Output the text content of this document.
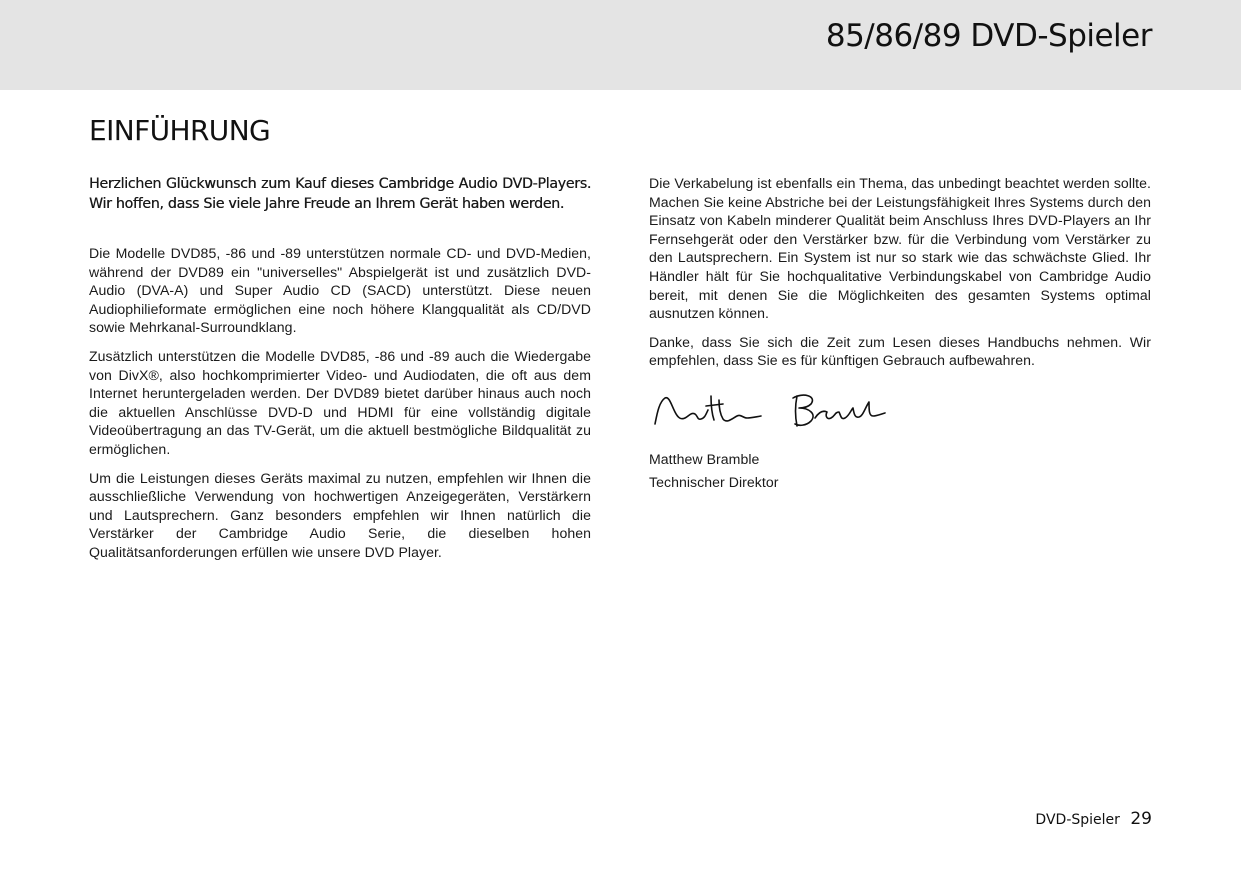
85/86/89 DVD-Spieler
EINFÜHRUNG

Herzlichen Glückwunsch zum Kauf dieses Cambridge Audio DVD-Players. Wir hoffen, dass Sie viele Jahre Freude an Ihrem Gerät haben werden.

Die Modelle DVD85, -86 und -89 unterstützen normale CD- und DVD-Medien, während der DVD89 ein "universelles" Abspielgerät ist und zusätzlich DVD-Audio (DVA-A) und Super Audio CD (SACD) unterstützt. Diese neuen Audiophilieformate ermöglichen eine noch höhere Klangqualität als CD/DVD sowie Mehrkanal-Surroundklang.

Zusätzlich unterstützen die Modelle DVD85, -86 und -89 auch die Wiedergabe von DivX®, also hochkomprimierter Video- und Audiodaten, die oft aus dem Internet heruntergeladen werden. Der DVD89 bietet darüber hinaus auch noch die aktuellen Anschlüsse DVD-D und HDMI für eine vollständig digitale Videoübertragung an das TV-Gerät, um die aktuell bestmögliche Bildqualität zu ermöglichen.

Um die Leistungen dieses Geräts maximal zu nutzen, empfehlen wir Ihnen die ausschließliche Verwendung von hochwertigen Anzeigegeräten, Verstärkern und Lautsprechern. Ganz besonders empfehlen wir Ihnen natürlich die Verstärker der Cambridge Audio Serie, die dieselben hohen Qualitätsanforderungen erfüllen wie unsere DVD Player.

Die Verkabelung ist ebenfalls ein Thema, das unbedingt beachtet werden sollte. Machen Sie keine Abstriche bei der Leistungsfähigkeit Ihres Systems durch den Einsatz von Kabeln minderer Qualität beim Anschluss Ihres DVD-Players an Ihr Fernsehgerät oder den Verstärker bzw. für die Verbindung vom Verstärker zu den Lautsprechern. Ein System ist nur so stark wie das schwächste Glied. Ihr Händler hält für Sie hochqualitative Verbindungskabel von Cambridge Audio bereit, mit denen Sie die Möglichkeiten des gesamten Systems optimal ausnutzen können.

Danke, dass Sie sich die Zeit zum Lesen dieses Handbuchs nehmen. Wir empfehlen, dass Sie es für künftigen Gebrauch aufbewahren.

Matthew Bramble

Technischer Direktor

DVD-Spieler 29
